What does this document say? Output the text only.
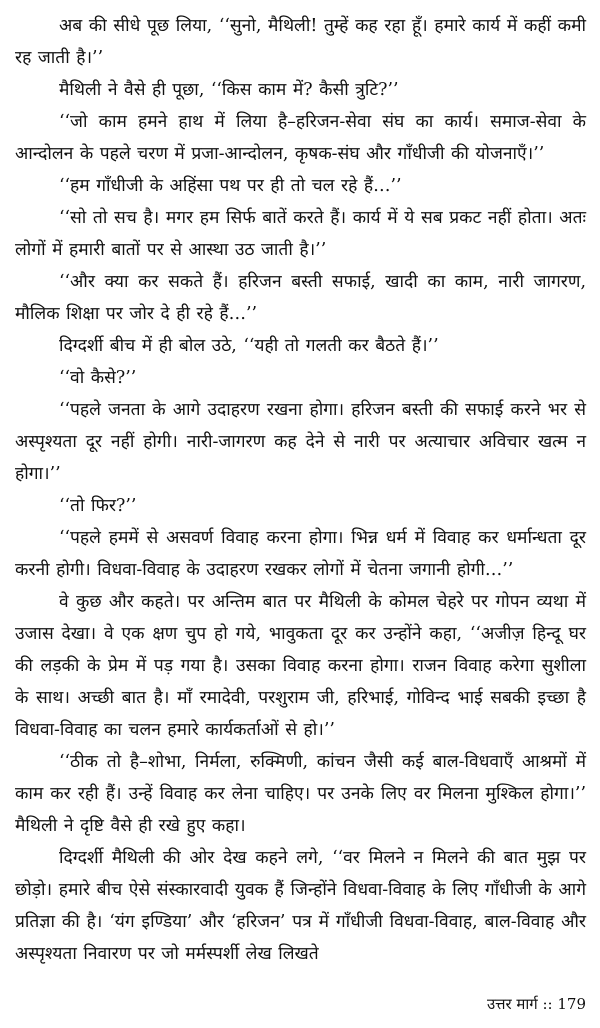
अब की सीधे पूछ लिया, ‘‘सुनो, मैथिली! तुम्हें कह रहा हूँ। हमारे कार्य में कहीं कमी रह जाती है।’’

मैथिली ने वैसे ही पूछा, ‘‘किस काम में? कैसी त्रुटि?’’

‘‘जो काम हमने हाथ में लिया है–हरिजन-सेवा संघ का कार्य। समाज-सेवा के आन्दोलन के पहले चरण में प्रजा-आन्दोलन, कृषक-संघ और गाँधीजी की योजनाएँ।’’

‘‘हम गाँधीजी के अहिंसा पथ पर ही तो चल रहे हैं…’’

‘‘सो तो सच है। मगर हम सिर्फ बातें करते हैं। कार्य में ये सब प्रकट नहीं होता। अतः लोगों में हमारी बातों पर से आस्था उठ जाती है।’’

‘‘और क्या कर सकते हैं। हरिजन बस्ती सफाई, खादी का काम, नारी जागरण, मौलिक शिक्षा पर जोर दे ही रहे हैं…’’

दिग्दर्शी बीच में ही बोल उठे, ‘‘यही तो गलती कर बैठते हैं।’’

‘‘वो कैसे?’’

‘‘पहले जनता के आगे उदाहरण रखना होगा। हरिजन बस्ती की सफाई करने भर से अस्पृश्यता दूर नहीं होगी। नारी-जागरण कह देने से नारी पर अत्याचार अविचार खत्म न होगा।’’

‘‘तो फिर?’’

‘‘पहले हममें से असवर्ण विवाह करना होगा। भिन्न धर्म में विवाह कर धर्मान्धता दूर करनी होगी। विधवा-विवाह के उदाहरण रखकर लोगों में चेतना जगानी होगी…’’

वे कुछ और कहते। पर अन्तिम बात पर मैथिली के कोमल चेहरे पर गोपन व्यथा में उजास देखा। वे एक क्षण चुप हो गये, भावुकता दूर कर उन्होंने कहा, ‘‘अजीज़ हिन्दू घर की लड़की के प्रेम में पड़ गया है। उसका विवाह करना होगा। राजन विवाह करेगा सुशीला के साथ। अच्छी बात है। माँ रमादेवी, परशुराम जी, हरिभाई, गोविन्द भाई सबकी इच्छा है विधवा-विवाह का चलन हमारे कार्यकर्ताओं से हो।’’

‘‘ठीक तो है–शोभा, निर्मला, रुक्मिणी, कांचन जैसी कई बाल-विधवाएँ आश्रमों में काम कर रही हैं। उन्हें विवाह कर लेना चाहिए। पर उनके लिए वर मिलना मुश्किल होगा।’’ मैथिली ने दृष्टि वैसे ही रखे हुए कहा।

दिग्दर्शी मैथिली की ओर देख कहने लगे, ‘‘वर मिलने न मिलने की बात मुझ पर छोड़ो। हमारे बीच ऐसे संस्कारवादी युवक हैं जिन्होंने विधवा-विवाह के लिए गाँधीजी के आगे प्रतिज्ञा की है। ‘यंग इण्डिया’ और ‘हरिजन’ पत्र में गाँधीजी विधवा-विवाह, बाल-विवाह और अस्पृश्यता निवारण पर जो मर्मस्पर्शी लेख लिखते

उत्तर मार्ग :: 179
